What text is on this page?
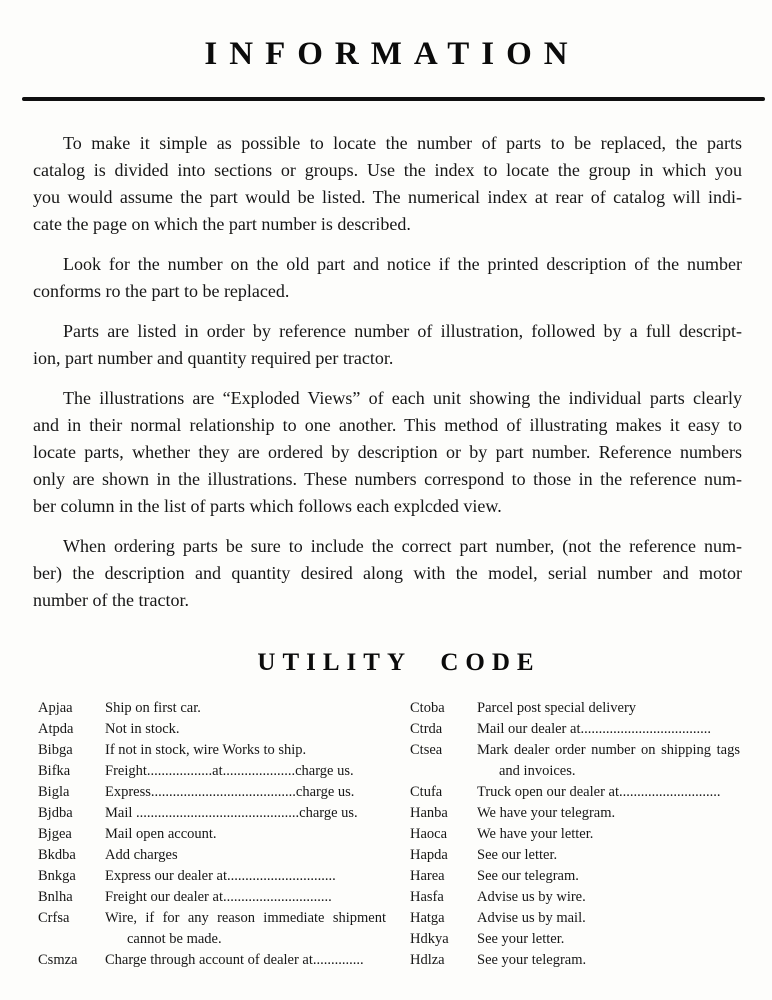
INFORMATION
To make it simple as possible to locate the number of parts to be replaced, the parts
catalog is divided into sections or groups. Use the index to locate the group in which you
you would assume the part would be listed. The numerical index at rear of catalog will indi-
cate the page on which the part number is described.
Look for the number on the old part and notice if the printed description of the number
conforms ro the part to be replaced.
Parts are listed in order by reference number of illustration, followed by a full descript-
ion, part number and quantity required per tractor.
The illustrations are “Exploded Views” of each unit showing the individual parts clearly
and in their normal relationship to one another. This method of illustrating makes it easy to
locate parts, whether they are ordered by description or by part number. Reference numbers
only are shown in the illustrations. These numbers correspond to those in the reference num-
ber column in the list of parts which follows each explcded view.
When ordering parts be sure to include the correct part number, (not the reference num-
ber) the description and quantity desired along with the model, serial number and motor
number of the tractor.
UTILITY CODE
Apjaa	Ship on first car.
Atpda	Not in stock.
Bibga	If not in stock, wire Works to ship.
Bifka	Freight..................at....................charge us.
Bigla	Express........................................charge us.
Bjdba	Mail .............................................charge us.
Bjgea	Mail open account.
Bkdba	Add charges
Bnkga	Express our dealer at..............................
Bnlha	Freight our dealer at..............................
Crfsa	Wire, if for any reason immediate shipment cannot be made.
Csmza	Charge through account of dealer at..............
Ctoba	Parcel post special delivery
Ctrda	Mail our dealer at....................................
Ctsea	Mark dealer order number on shipping tags and invoices.
Ctufa	Truck open our dealer at............................
Hanba	We have your telegram.
Haoca	We have your letter.
Hapda	See our letter.
Harea	See our telegram.
Hasfa	Advise us by wire.
Hatga	Advise us by mail.
Hdkya	See your letter.
Hdlza	See your telegram.
